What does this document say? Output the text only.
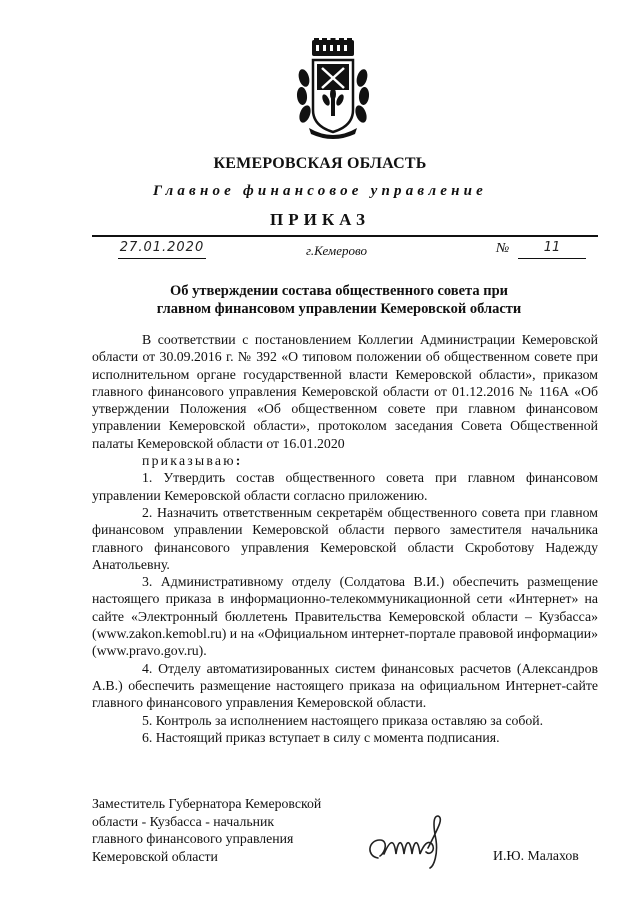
КЕМЕРОВСКАЯ ОБЛАСТЬ
Главное финансовое управление
ПРИКАЗ
27.01.2020	г.Кемерово	№	11
Об утверждении состава общественного совета при
главном финансовом управлении Кемеровской области

В соответствии с постановлением Коллегии Администрации Кемеровской области от 30.09.2016 г. № 392 «О типовом положении об общественном совете при исполнительном органе государственной власти Кемеровской области», приказом главного финансового управления Кемеровской области от 01.12.2016 № 116А «Об утверждении Положения «Об общественном совете при главном финансовом управлении Кемеровской области», протоколом заседания Совета Общественной палаты Кемеровской области от 16.01.2020

приказываю:

1. Утвердить состав общественного совета при главном финансовом управлении Кемеровской области согласно приложению.

2. Назначить ответственным секретарём общественного совета при главном финансовом управлении Кемеровской области первого заместителя начальника главного финансового управления Кемеровской области Скроботову Надежду Анатольевну.

3. Административному отделу (Солдатова В.И.) обеспечить размещение настоящего приказа в информационно-телекоммуникационной сети «Интернет» на сайте «Электронный бюллетень Правительства Кемеровской области – Кузбасса» (www.zakon.kemobl.ru) и на «Официальном интернет-портале правовой информации» (www.pravo.gov.ru).

4. Отделу автоматизированных систем финансовых расчетов (Александров А.В.) обеспечить размещение настоящего приказа на официальном Интернет-сайте главного финансового управления Кемеровской области.

5. Контроль за исполнением настоящего приказа оставляю за собой.

6. Настоящий приказ вступает в силу с момента подписания.

Заместитель Губернатора Кемеровской
области - Кузбасса - начальник
главного финансового управления
Кемеровской области	И.Ю. Малахов
